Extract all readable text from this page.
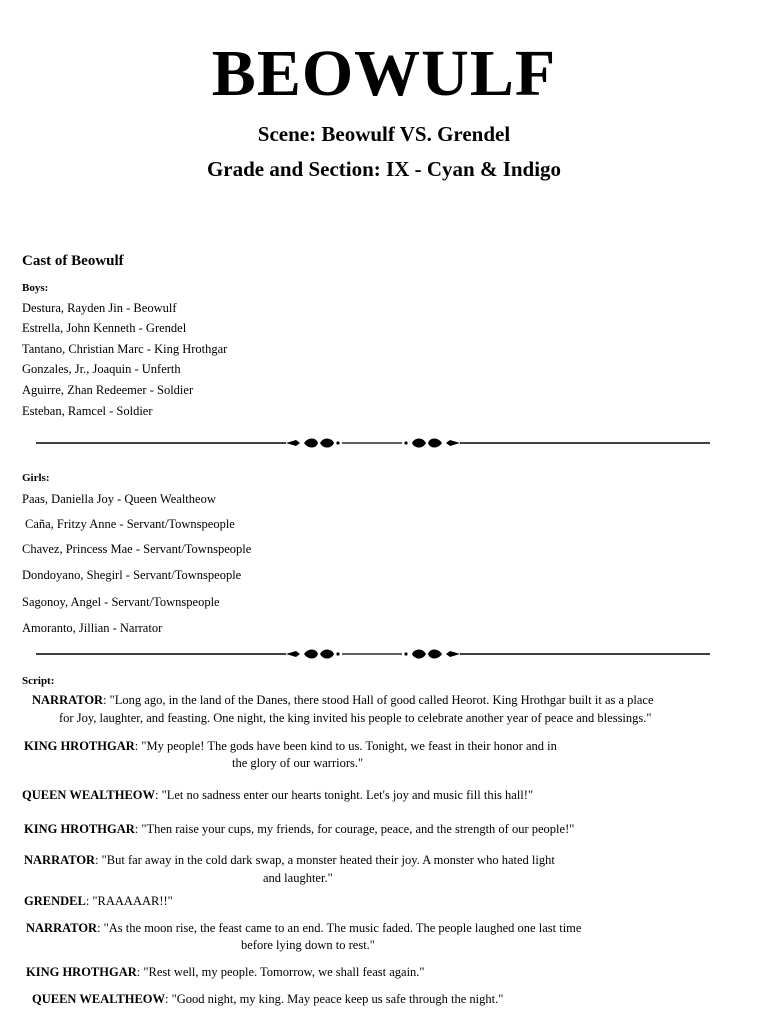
BEOWULF
Scene: Beowulf VS. Grendel
Grade and Section: IX - Cyan & Indigo
Cast of Beowulf
Boys:
Destura, Rayden Jin - Beowulf
Estrella, John Kenneth - Grendel
Tantano, Christian Marc - King Hrothgar
Gonzales, Jr., Joaquin - Unferth
Aguirre, Zhan Redeemer - Soldier
Esteban, Ramcel - Soldier
Girls:
Paas, Daniella Joy - Queen Wealtheow
Caña, Fritzy Anne - Servant/Townspeople
Chavez, Princess Mae - Servant/Townspeople
Dondoyano, Shegirl - Servant/Townspeople
Sagonoy, Angel - Servant/Townspeople
Amoranto, Jillian - Narrator
Script:
NARRATOR: "Long ago, in the land of the Danes, there stood Hall of good called Heorot. King Hrothgar built it as a place
for Joy, laughter, and feasting. One night, the king invited his people to celebrate another year of peace and blessings."
KING HROTHGAR: "My people! The gods have been kind to us. Tonight, we feast in their honor and in
the glory of our warriors."
QUEEN WEALTHEOW: "Let no sadness enter our hearts tonight. Let's joy and music fill this hall!"
KING HROTHGAR: "Then raise your cups, my friends, for courage, peace, and the strength of our people!"
NARRATOR: "But far away in the cold dark swap, a monster heated their joy. A monster who hated light
and laughter."
GRENDEL: "RAAAAAR!!"
NARRATOR: "As the moon rise, the feast came to an end. The music faded. The people laughed one last time
before lying down to rest."
KING HROTHGAR: "Rest well, my people. Tomorrow, we shall feast again."
QUEEN WEALTHEOW: "Good night, my king. May peace keep us safe through the night."
